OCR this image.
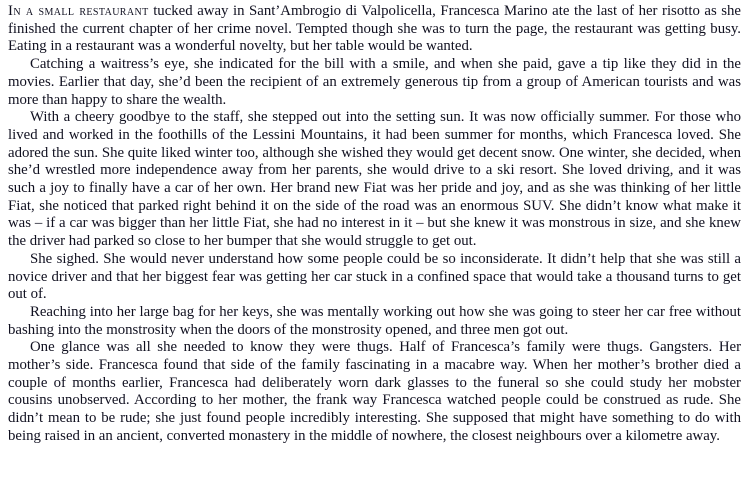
In a small restaurant tucked away in Sant’Ambrogio di Valpolicella, Francesca Marino ate the last of her risotto as she finished the current chapter of her crime novel. Tempted though she was to turn the page, the restaurant was getting busy. Eating in a restaurant was a wonderful novelty, but her table would be wanted.

Catching a waitress’s eye, she indicated for the bill with a smile, and when she paid, gave a tip like they did in the movies. Earlier that day, she’d been the recipient of an extremely generous tip from a group of American tourists and was more than happy to share the wealth.

With a cheery goodbye to the staff, she stepped out into the setting sun. It was now officially summer. For those who lived and worked in the foothills of the Lessini Mountains, it had been summer for months, which Francesca loved. She adored the sun. She quite liked winter too, although she wished they would get decent snow. One winter, she decided, when she’d wrestled more independence away from her parents, she would drive to a ski resort. She loved driving, and it was such a joy to finally have a car of her own. Her brand new Fiat was her pride and joy, and as she was thinking of her little Fiat, she noticed that parked right behind it on the side of the road was an enormous SUV. She didn’t know what make it was – if a car was bigger than her little Fiat, she had no interest in it – but she knew it was monstrous in size, and she knew the driver had parked so close to her bumper that she would struggle to get out.

She sighed. She would never understand how some people could be so inconsiderate. It didn’t help that she was still a novice driver and that her biggest fear was getting her car stuck in a confined space that would take a thousand turns to get out of.

Reaching into her large bag for her keys, she was mentally working out how she was going to steer her car free without bashing into the monstrosity when the doors of the monstrosity opened, and three men got out.

One glance was all she needed to know they were thugs. Half of Francesca’s family were thugs. Gangsters. Her mother’s side. Francesca found that side of the family fascinating in a macabre way. When her mother’s brother died a couple of months earlier, Francesca had deliberately worn dark glasses to the funeral so she could study her mobster cousins unobserved. According to her mother, the frank way Francesca watched people could be construed as rude. She didn’t mean to be rude; she just found people incredibly interesting. She supposed that might have something to do with being raised in an ancient, converted monastery in the middle of nowhere, the closest neighbours over a kilometre away.
